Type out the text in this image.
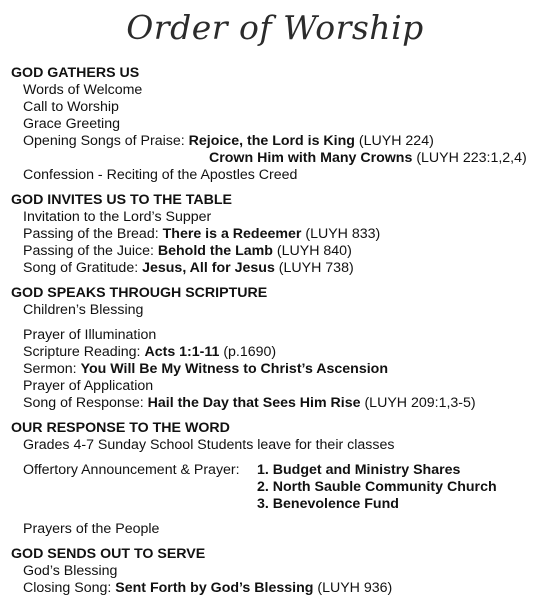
Order of Worship
GOD GATHERS US
Words of Welcome
Call to Worship
Grace Greeting
Opening Songs of Praise: Rejoice, the Lord is King (LUYH 224)
Crown Him with Many Crowns (LUYH 223:1,2,4)
Confession - Reciting of the Apostles Creed
GOD INVITES US TO THE TABLE
Invitation to the Lord’s Supper
Passing of the Bread: There is a Redeemer (LUYH 833)
Passing of the Juice: Behold the Lamb (LUYH 840)
Song of Gratitude: Jesus, All for Jesus (LUYH 738)
GOD SPEAKS THROUGH SCRIPTURE
Children’s Blessing
Prayer of Illumination
Scripture Reading: Acts 1:1-11 (p.1690)
Sermon: You Will Be My Witness to Christ’s Ascension
Prayer of Application
Song of Response: Hail the Day that Sees Him Rise (LUYH 209:1,3-5)
OUR RESPONSE TO THE WORD
Grades 4-7 Sunday School Students leave for their classes
Offertory Announcement & Prayer:	1. Budget and Ministry Shares
2. North Sauble Community Church
3. Benevolence Fund
Prayers of the People
GOD SENDS OUT TO SERVE
God’s Blessing
Closing Song: Sent Forth by God’s Blessing (LUYH 936)
